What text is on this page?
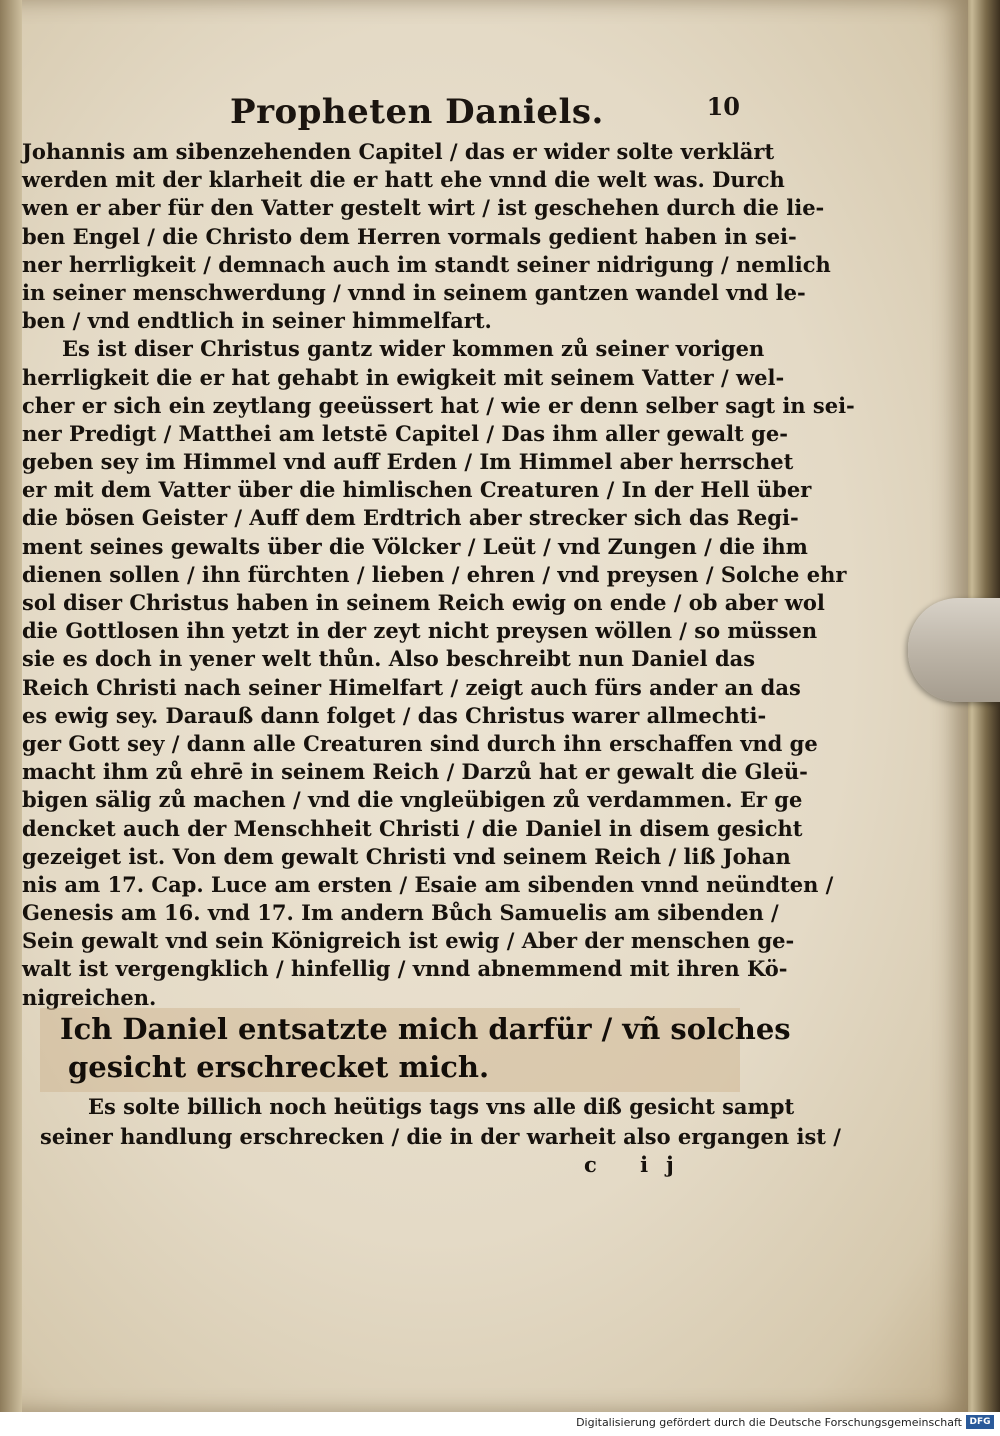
Propheten Daniels.	10
Johannis am sibenzehenden Capitel / das er wider solte verklärt
werden mit der klarheit die er hatt ehe vnnd die welt was. Durch
wen er aber für den Vatter gestelt wirt / ist geschehen durch die lie-
ben Engel / die Christo dem Herren vormals gedient haben in sei-
ner herrligkeit / demnach auch im standt seiner nidrigung / nemlich
in seiner menschwerdung / vnnd in seinem gantzen wandel vnd le-
ben / vnd endtlich in seiner himmelfart.
Es ist diser Christus gantz wider kommen zů seiner vorigen
herrligkeit die er hat gehabt in ewigkeit mit seinem Vatter / wel-
cher er sich ein zeytlang geeüssert hat / wie er denn selber sagt in sei-
ner Predigt / Matthei am letstē Capitel / Das ihm aller gewalt ge-
geben sey im Himmel vnd auff Erden / Im Himmel aber herrschet
er mit dem Vatter über die himlischen Creaturen / In der Hell über
die bösen Geister / Auff dem Erdtrich aber strecker sich das Regi-
ment seines gewalts über die Völcker / Leüt / vnd Zungen / die ihm
dienen sollen / ihn fürchten / lieben / ehren / vnd preysen / Solche ehr
sol diser Christus haben in seinem Reich ewig on ende / ob aber wol
die Gottlosen ihn yetzt in der zeyt nicht preysen wöllen / so müssen
sie es doch in yener welt thůn. Also beschreibt nun Daniel das
Reich Christi nach seiner Himelfart / zeigt auch fürs ander an das
es ewig sey. Darauß dann folget / das Christus warer allmechti-
ger Gott sey / dann alle Creaturen sind durch ihn erschaffen vnd ge
macht ihm zů ehrē in seinem Reich / Darzů hat er gewalt die Gleü-
bigen sälig zů machen / vnd die vngleübigen zů verdammen. Er ge
dencket auch der Menschheit Christi / die Daniel in disem gesicht
gezeiget ist. Von dem gewalt Christi vnd seinem Reich / liß Johan
nis am 17. Cap. Luce am ersten / Esaie am sibenden vnnd neündten /
Genesis am 16. vnd 17. Im andern Bůch Samuelis am sibenden /
Sein gewalt vnd sein Königreich ist ewig / Aber der menschen ge-
walt ist vergengklich / hinfellig / vnnd abnemmend mit ihren Kö-
nigreichen.
Ich Daniel entsatzte mich darfür / vñ solches
gesicht erschrecket mich.
Es solte billich noch heütigs tags vns alle diß gesicht sampt
seiner handlung erschrecken / die in der warheit also ergangen ist /
c ij
Digitalisierung gefördert durch die Deutsche Forschungsgemeinschaft DFG
